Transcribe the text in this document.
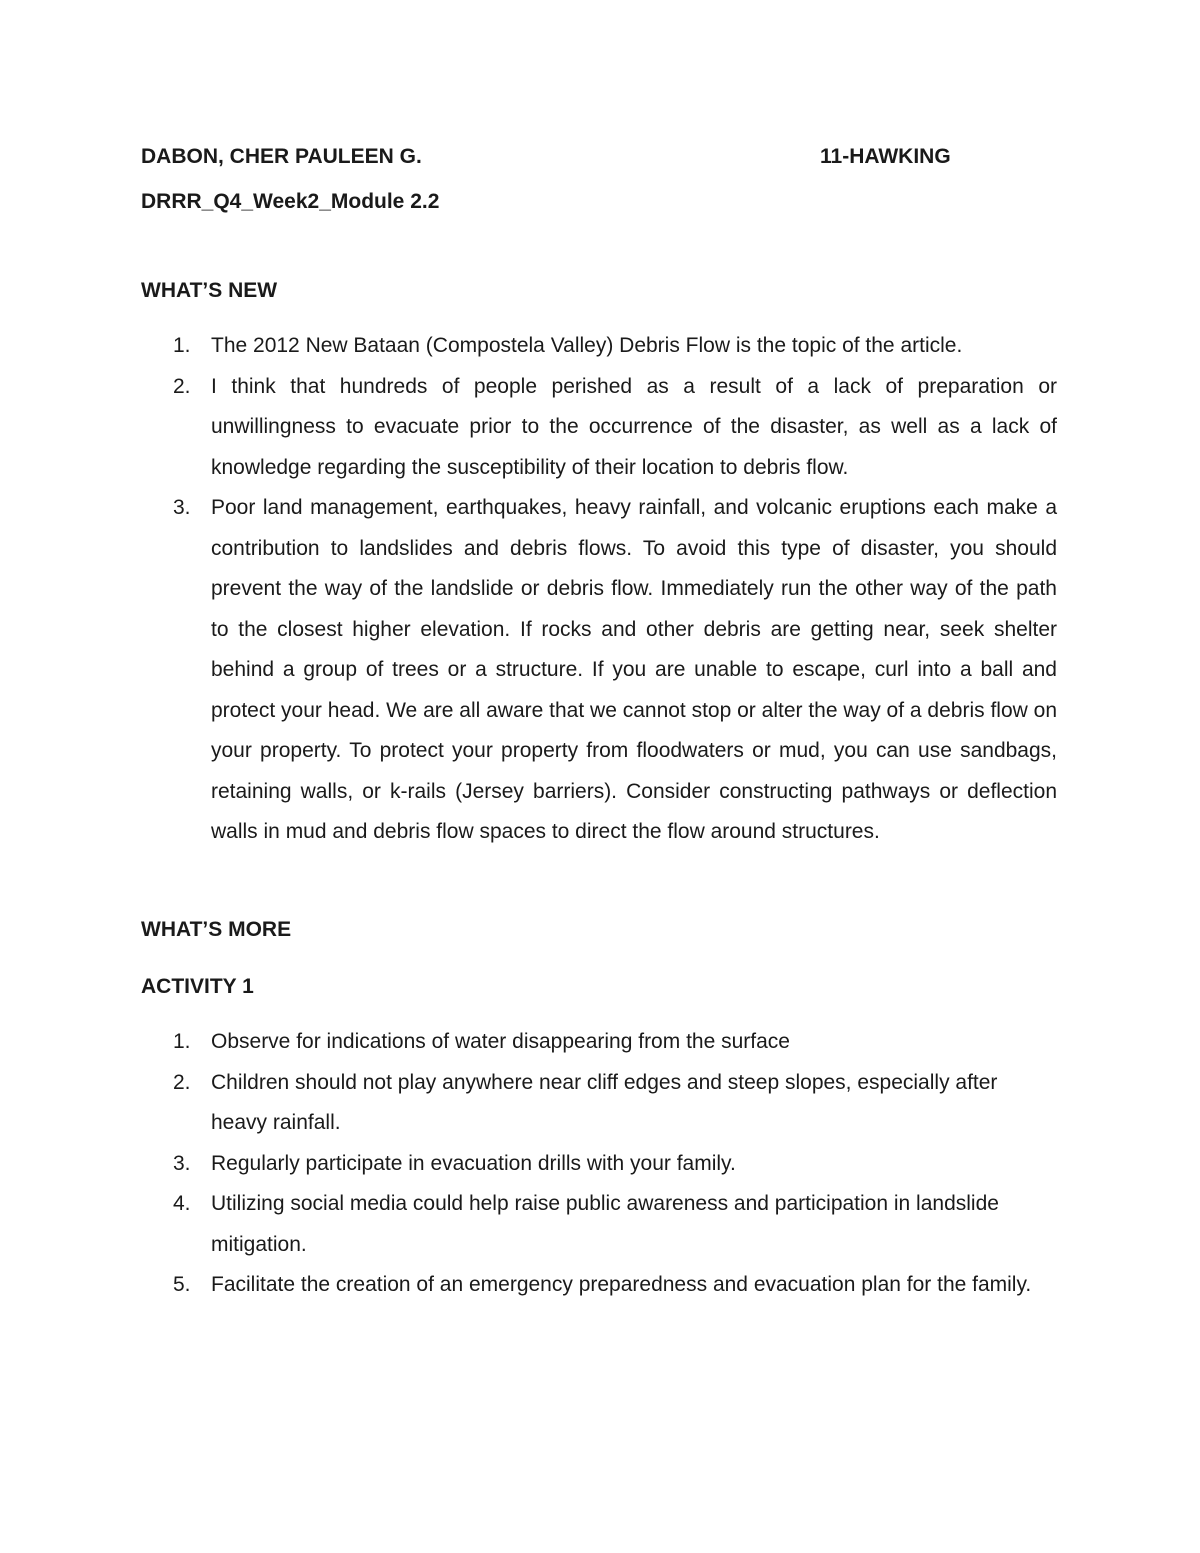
DABON, CHER PAULEEN G.	11-HAWKING
DRRR_Q4_Week2_Module 2.2
WHAT’S NEW
1. The 2012 New Bataan (Compostela Valley) Debris Flow is the topic of the article.
2. I think that hundreds of people perished as a result of a lack of preparation or unwillingness to evacuate prior to the occurrence of the disaster, as well as a lack of knowledge regarding the susceptibility of their location to debris flow.
3. Poor land management, earthquakes, heavy rainfall, and volcanic eruptions each make a contribution to landslides and debris flows. To avoid this type of disaster, you should prevent the way of the landslide or debris flow. Immediately run the other way of the path to the closest higher elevation. If rocks and other debris are getting near, seek shelter behind a group of trees or a structure. If you are unable to escape, curl into a ball and protect your head. We are all aware that we cannot stop or alter the way of a debris flow on your property. To protect your property from floodwaters or mud, you can use sandbags, retaining walls, or k-rails (Jersey barriers). Consider constructing pathways or deflection walls in mud and debris flow spaces to direct the flow around structures.
WHAT’S MORE
ACTIVITY 1
1. Observe for indications of water disappearing from the surface
2. Children should not play anywhere near cliff edges and steep slopes, especially after heavy rainfall.
3. Regularly participate in evacuation drills with your family.
4. Utilizing social media could help raise public awareness and participation in landslide mitigation.
5. Facilitate the creation of an emergency preparedness and evacuation plan for the family.
